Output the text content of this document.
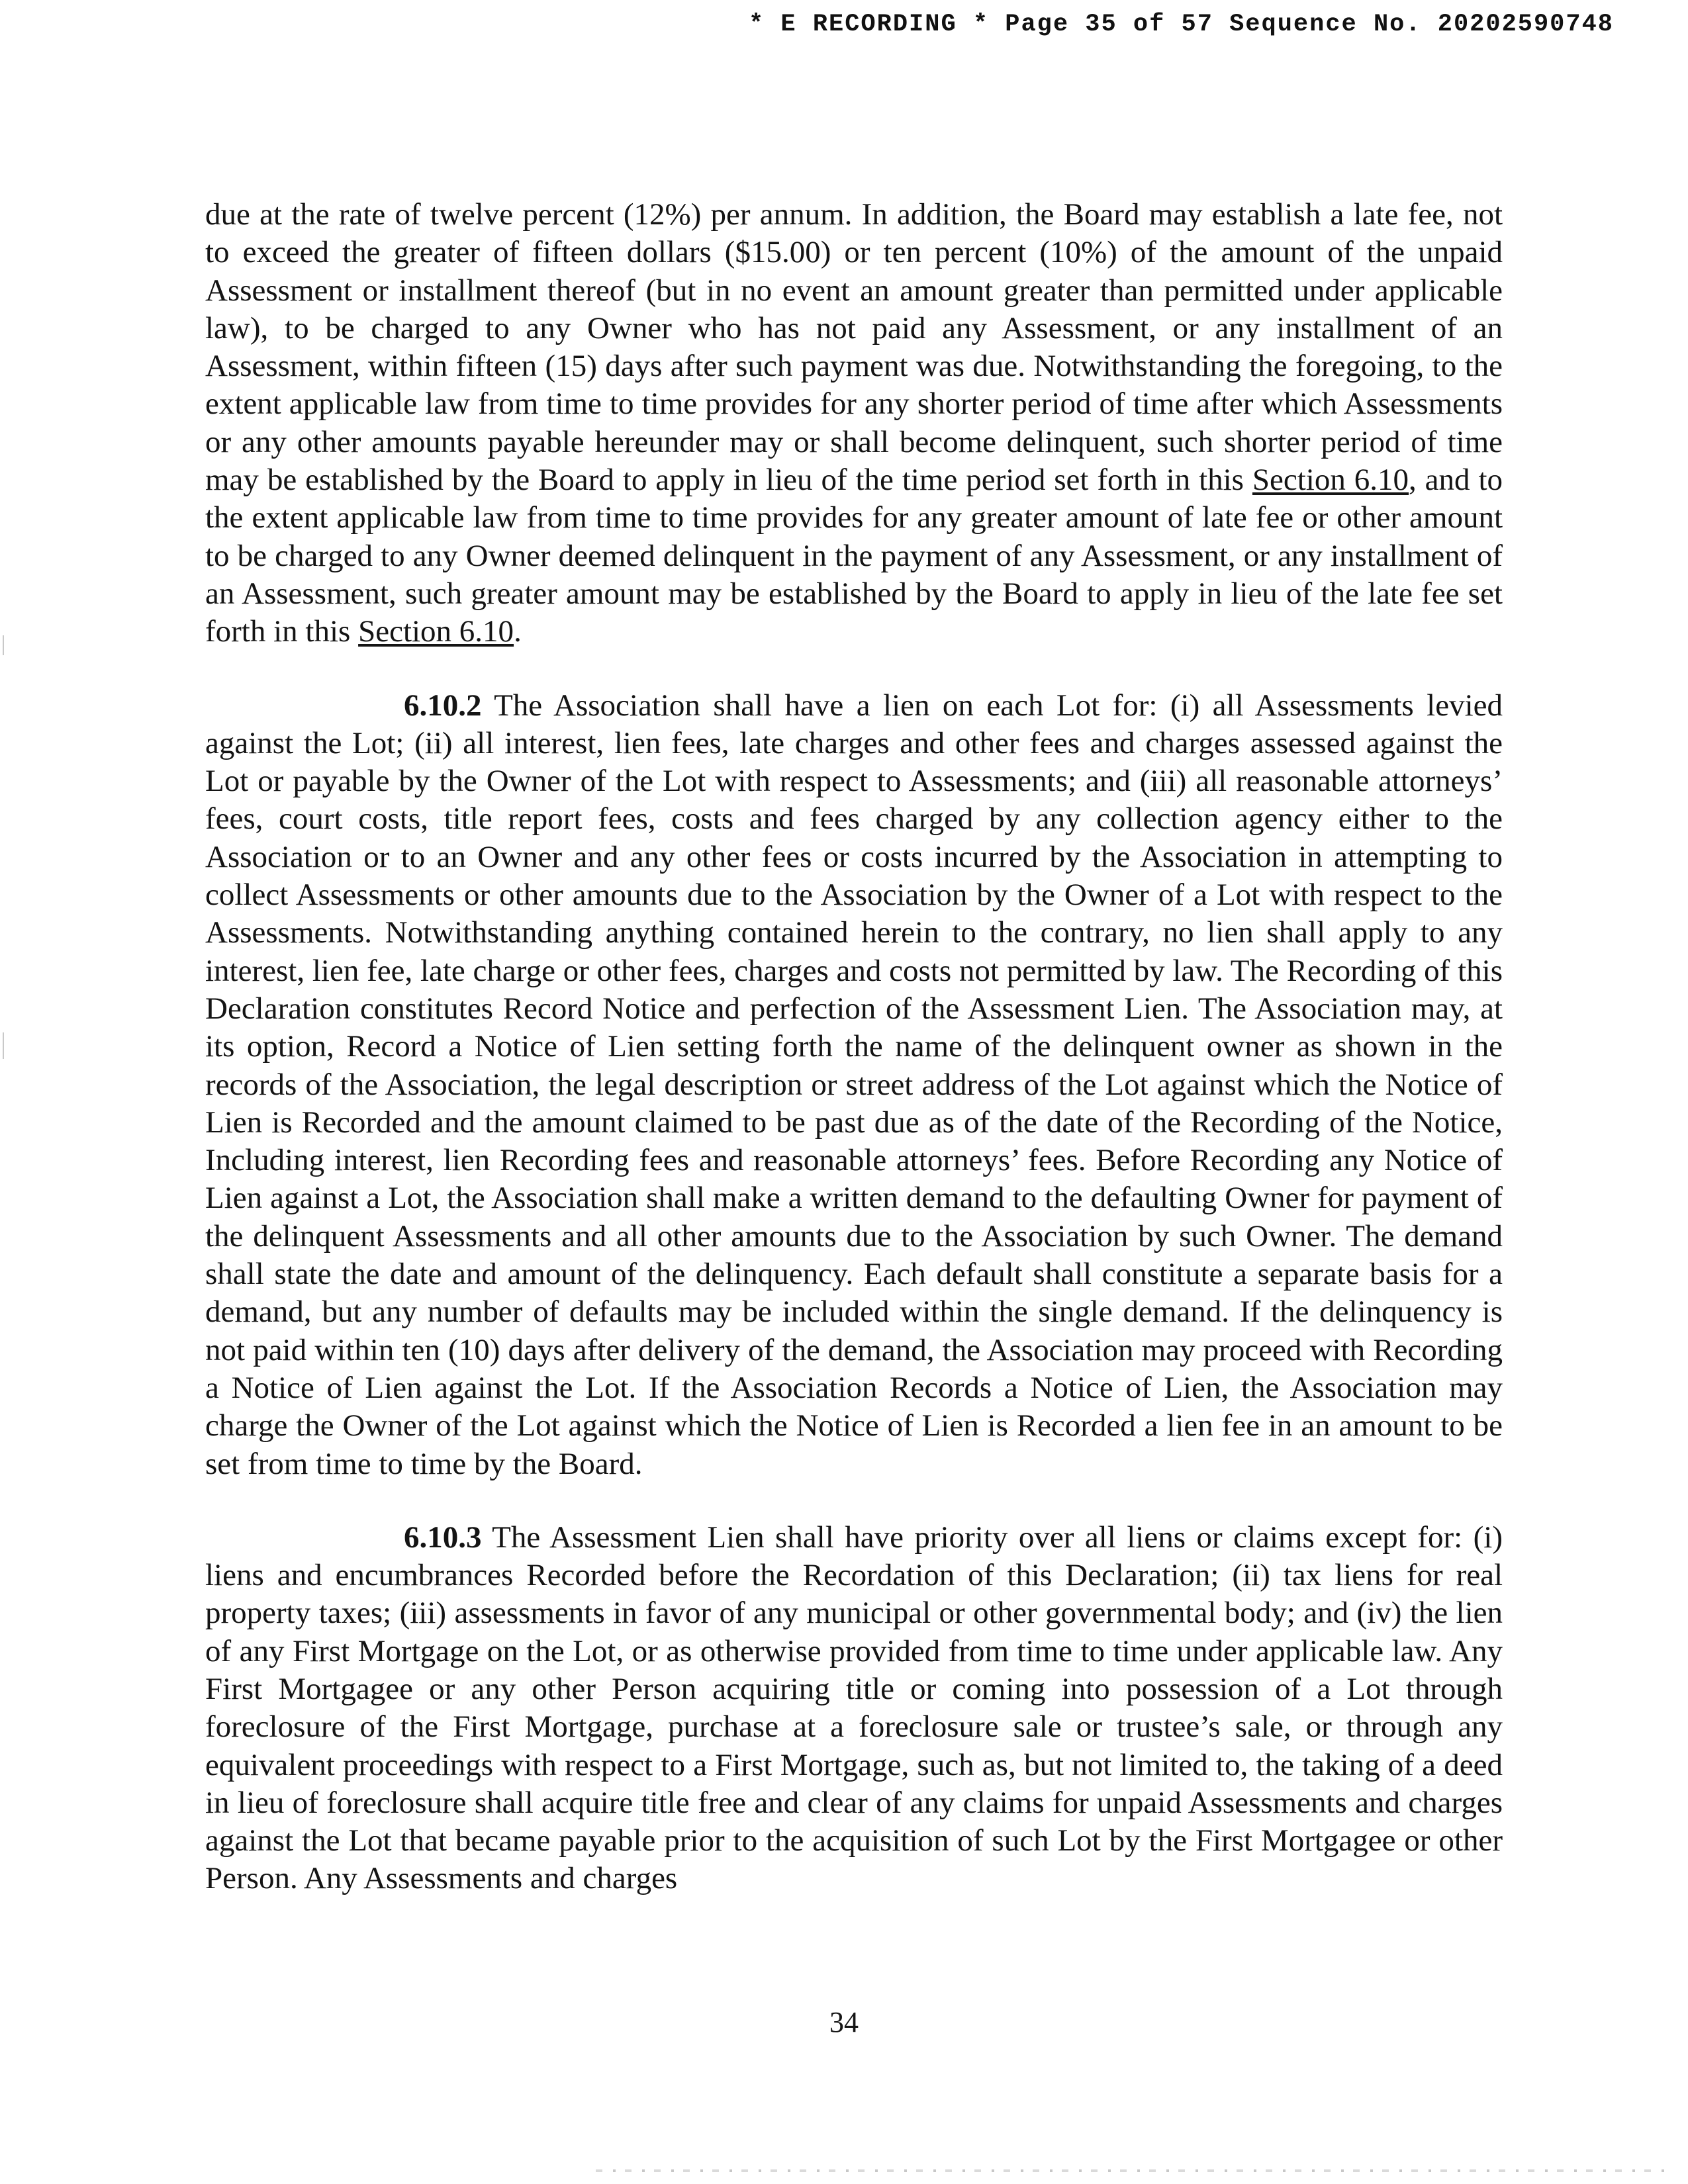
* E RECORDING * Page 35 of 57 Sequence No. 20202590748

due at the rate of twelve percent (12%) per annum. In addition, the Board may establish a late fee, not to exceed the greater of fifteen dollars ($15.00) or ten percent (10%) of the amount of the unpaid Assessment or installment thereof (but in no event an amount greater than permitted under applicable law), to be charged to any Owner who has not paid any Assessment, or any installment of an Assessment, within fifteen (15) days after such payment was due. Notwithstanding the foregoing, to the extent applicable law from time to time provides for any shorter period of time after which Assessments or any other amounts payable hereunder may or shall become delinquent, such shorter period of time may be established by the Board to apply in lieu of the time period set forth in this Section 6.10, and to the extent applicable law from time to time provides for any greater amount of late fee or other amount to be charged to any Owner deemed delinquent in the payment of any Assessment, or any installment of an Assessment, such greater amount may be established by the Board to apply in lieu of the late fee set forth in this Section 6.10.

6.10.2 The Association shall have a lien on each Lot for: (i) all Assessments levied against the Lot; (ii) all interest, lien fees, late charges and other fees and charges assessed against the Lot or payable by the Owner of the Lot with respect to Assessments; and (iii) all reasonable attorneys’ fees, court costs, title report fees, costs and fees charged by any collection agency either to the Association or to an Owner and any other fees or costs incurred by the Association in attempting to collect Assessments or other amounts due to the Association by the Owner of a Lot with respect to the Assessments. Notwithstanding anything contained herein to the contrary, no lien shall apply to any interest, lien fee, late charge or other fees, charges and costs not permitted by law. The Recording of this Declaration constitutes Record Notice and perfection of the Assessment Lien. The Association may, at its option, Record a Notice of Lien setting forth the name of the delinquent owner as shown in the records of the Association, the legal description or street address of the Lot against which the Notice of Lien is Recorded and the amount claimed to be past due as of the date of the Recording of the Notice, Including interest, lien Recording fees and reasonable attorneys’ fees. Before Recording any Notice of Lien against a Lot, the Association shall make a written demand to the defaulting Owner for payment of the delinquent Assessments and all other amounts due to the Association by such Owner. The demand shall state the date and amount of the delinquency. Each default shall constitute a separate basis for a demand, but any number of defaults may be included within the single demand. If the delinquency is not paid within ten (10) days after delivery of the demand, the Association may proceed with Recording a Notice of Lien against the Lot. If the Association Records a Notice of Lien, the Association may charge the Owner of the Lot against which the Notice of Lien is Recorded a lien fee in an amount to be set from time to time by the Board.

6.10.3 The Assessment Lien shall have priority over all liens or claims except for: (i) liens and encumbrances Recorded before the Recordation of this Declaration; (ii) tax liens for real property taxes; (iii) assessments in favor of any municipal or other governmental body; and (iv) the lien of any First Mortgage on the Lot, or as otherwise provided from time to time under applicable law. Any First Mortgagee or any other Person acquiring title or coming into possession of a Lot through foreclosure of the First Mortgage, purchase at a foreclosure sale or trustee’s sale, or through any equivalent proceedings with respect to a First Mortgage, such as, but not limited to, the taking of a deed in lieu of foreclosure shall acquire title free and clear of any claims for unpaid Assessments and charges against the Lot that became payable prior to the acquisition of such Lot by the First Mortgagee or other Person. Any Assessments and charges

34
